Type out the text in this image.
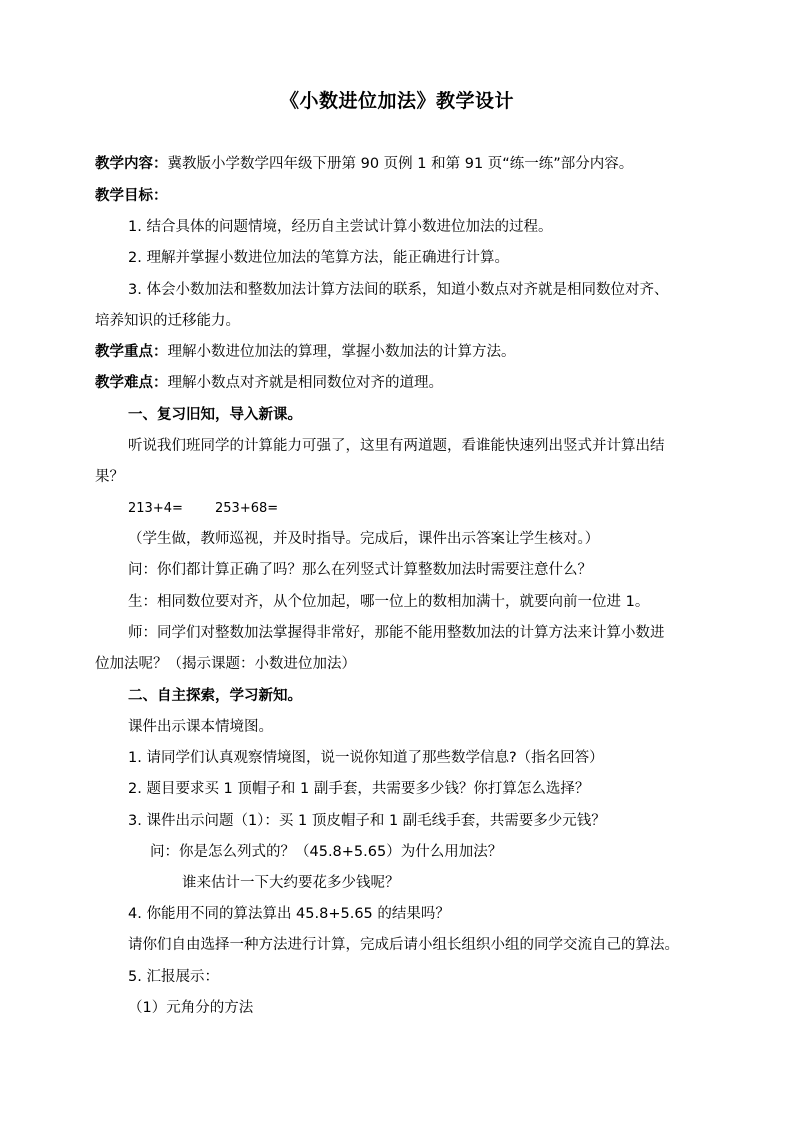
《小数进位加法》教学设计
教学内容：冀教版小学数学四年级下册第 90 页例 1 和第 91 页“练一练”部分内容。
教学目标：
1. 结合具体的问题情境，经历自主尝试计算小数进位加法的过程。
2. 理解并掌握小数进位加法的笔算方法，能正确进行计算。
3. 体会小数加法和整数加法计算方法间的联系，知道小数点对齐就是相同数位对齐、
培养知识的迁移能力。
教学重点：理解小数进位加法的算理，掌握小数加法的计算方法。
教学难点：理解小数点对齐就是相同数位对齐的道理。
一、复习旧知，导入新课。
听说我们班同学的计算能力可强了，这里有两道题，看谁能快速列出竖式并计算出结
果？
213+4= 253+68=
（学生做，教师巡视，并及时指导。完成后，课件出示答案让学生核对。）
问：你们都计算正确了吗？那么在列竖式计算整数加法时需要注意什么？
生：相同数位要对齐，从个位加起，哪一位上的数相加满十，就要向前一位进 1。
师：同学们对整数加法掌握得非常好，那能不能用整数加法的计算方法来计算小数进
位加法呢？（揭示课题：小数进位加法）
二、自主探索，学习新知。
课件出示课本情境图。
1. 请同学们认真观察情境图，说一说你知道了那些数学信息?（指名回答）
2. 题目要求买 1 顶帽子和 1 副手套，共需要多少钱？你打算怎么选择？
3. 课件出示问题（1）：买 1 顶皮帽子和 1 副毛线手套，共需要多少元钱？
问：你是怎么列式的？（45.8+5.65）为什么用加法？
谁来估计一下大约要花多少钱呢？
4. 你能用不同的算法算出 45.8+5.65 的结果吗？
请你们自由选择一种方法进行计算，完成后请小组长组织小组的同学交流自己的算法。
5. 汇报展示：
（1）元角分的方法
